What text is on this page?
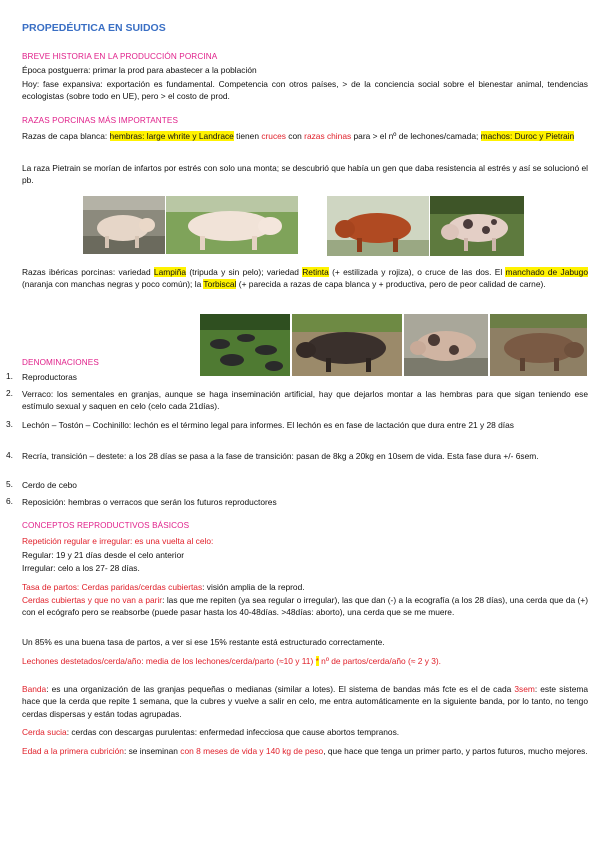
PROPEDÉUTICA EN SUIDOS
BREVE HISTORIA EN LA PRODUCCIÓN PORCINA
Época postguerra: primar la prod para abastecer a la población
Hoy: fase expansiva: exportación es fundamental. Competencia con otros países, > de la conciencia social sobre el bienestar animal, tendencias ecologistas (sobre todo en UE), pero > el costo de prod.
RAZAS PORCINAS MÁS IMPORTANTES
Razas de capa blanca: hembras: large whrite y Landrace tienen cruces con razas chinas para > el nº de lechones/camada; machos: Duroc y Pietrain
La raza Pietrain se morían de infartos por estrés con solo una monta; se descubrió que había un gen que daba resistencia al estrés y así se solucionó el pb.
Razas ibéricas porcinas: variedad Lampiña (tripuda y sin pelo); variedad Retinta (+ estilizada y rojiza), o cruce de las dos. El manchado de Jabugo (naranja con manchas negras y poco común); la Torbiscal (+ parecida a razas de capa blanca y + productiva, pero de peor calidad de carne).
DENOMINACIONES
1. Reproductoras
2. Verraco: los sementales en granjas, aunque se haga inseminación artificial, hay que dejarlos montar a las hembras para que sigan teniendo ese estímulo sexual y saquen en celo (celo cada 21días).
3. Lechón – Tostón – Cochinillo: lechón es el término legal para informes. El lechón es en fase de lactación que dura entre 21 y 28 días
4. Recría, transición – destete: a los 28 días se pasa a la fase de transición: pasan de 8kg a 20kg en 10sem de vida. Esta fase dura +/- 6sem.
5. Cerdo de cebo
6. Reposición: hembras o verracos que serán los futuros reproductores
CONCEPTOS REPRODUCTIVOS BÁSICOS
Repetición regular e irregular: es una vuelta al celo:
Regular: 19 y 21 días desde el celo anterior
Irregular: celo a los 27- 28 días.
Tasa de partos: Cerdas paridas/cerdas cubiertas: visión amplia de la reprod.
Cerdas cubiertas y que no van a parir: las que me repiten (ya sea regular o irregular), las que dan (-) a la ecografía (a los 28 días), una cerda que da (+) con el ecógrafo pero se reabsorbe (puede pasar hasta los 40-48días. >48días: aborto), una cerda que se me muere.
Un 85% es una buena tasa de partos, a ver si ese 15% restante está estructurado correctamente.
Lechones destetados/cerda/año: media de los lechones/cerda/parto (≈10 y 11) * nº de partos/cerda/año (≈ 2 y 3).
Banda: es una organización de las granjas pequeñas o medianas (similar a lotes). El sistema de bandas más fcte es el de cada 3sem: este sistema hace que la cerda que repite 1 semana, que la cubres y vuelve a salir en celo, me entra automáticamente en la siguiente banda, por lo tanto, no tengo cerdas dispersas y están todas agrupadas.
Cerda sucia: cerdas con descargas purulentas: enfermedad infecciosa que cause abortos tempranos.
Edad a la primera cubrición: se inseminan con 8 meses de vida y 140 kg de peso, que hace que tenga un primer parto, y partos futuros, mucho mejores.
